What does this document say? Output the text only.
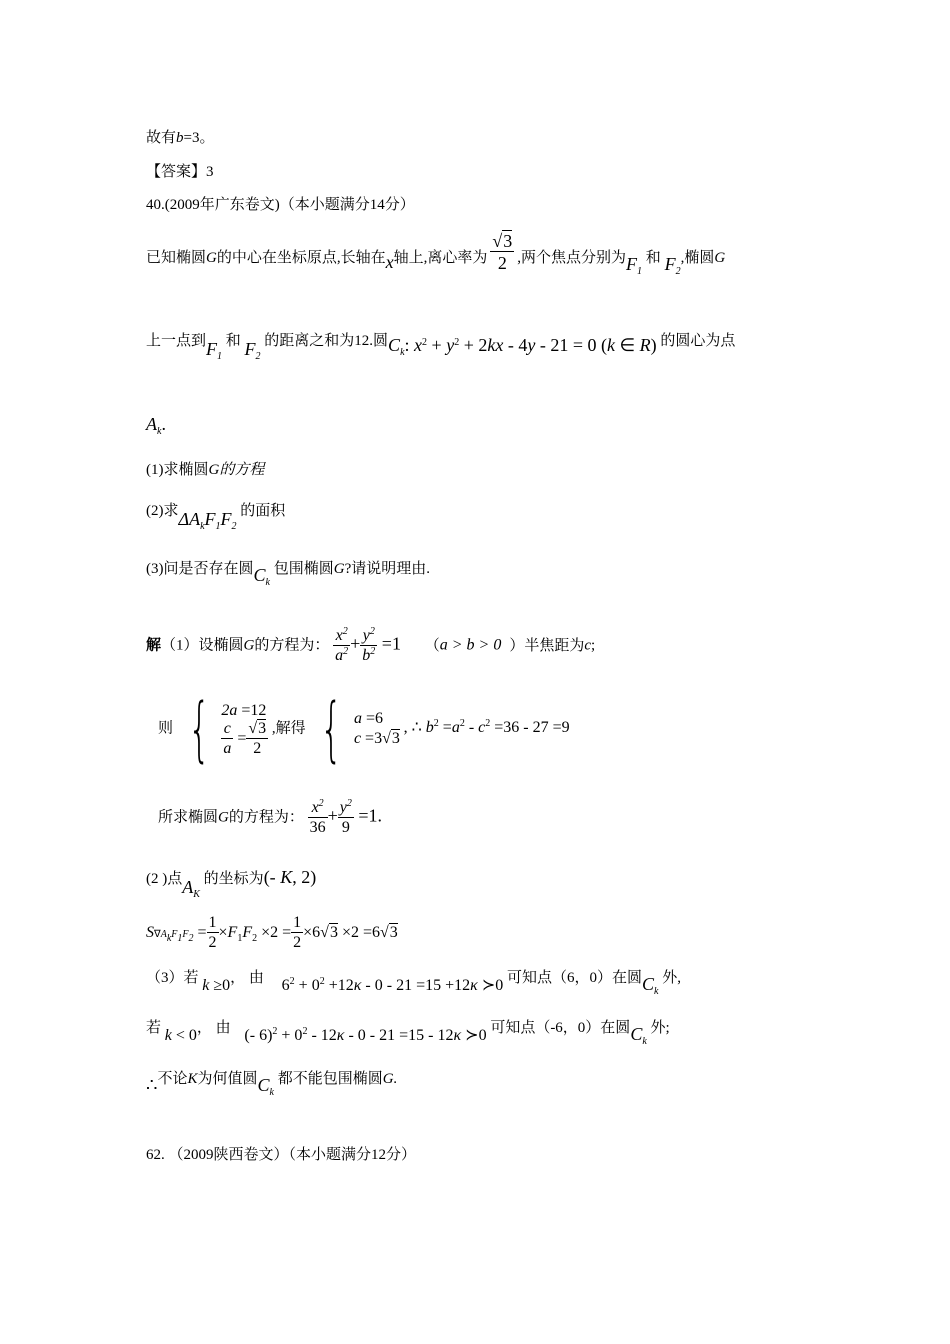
故有b=3。
【答案】3
40.(2009年广东卷文)（本小题满分14分）
已知椭圆G的中心在坐标原点,长轴在x轴上,离心率为 $\frac{√3}{2}$ ,两个焦点分别为$F_1$ 和 $F_2$,椭圆G
上一点到$F_1$ 和 $F_2$ 的距离之和为12.圆$C_k$: $x^2 + y^2 + 2kx - 4y - 21 = 0$ (k ∈ R) 的圆心为点
$A_k$.
(1)求椭圆G的方程
(2)求$\Delta A_kF_1F_2$ 的面积
(3)问是否存在圆$C_k$ 包围椭圆G?请说明理由.
解（1）设椭圆G的方程为： $\frac{x^2}{a^2} + \frac{y^2}{b^2} =1$ （a > b > 0 ）半焦距为c;
则 { 2a =12
$\frac{c}{a} = \frac{√3}{2}$ ,解得 { a =6
c =3√3
, ∴ $b^2 =a^2 - c^2 =36 - 27 =9$
所求椭圆G的方程为： $\frac{x^2}{36} + \frac{y^2}{9} =1$.
(2 )点$A_K$ 的坐标为(- K, 2)
$S\nabla A_kF_1F_2 = \frac{1}{2} \times F_1F_2 \times 2 = \frac{1}{2} \times 6√3 \times 2 =6√3$
（3）若 k ≥0， 由 $6^2 + 0^2 +12\kappa - 0 - 21 =15 +12\kappa$ ≻0 可知点（6，0）在圆$C_k$ 外,
若 k < 0， 由 (- $6)^2 + 0^2 - 12\kappa - 0 - 21 =15 - 12\kappa$ ≻0 可知点（-6，0）在圆$C_k$ 外;
∴不论K为何值圆$C_k$ 都不能包围椭圆G.
62. （2009陕西卷文）（本小题满分12分）
